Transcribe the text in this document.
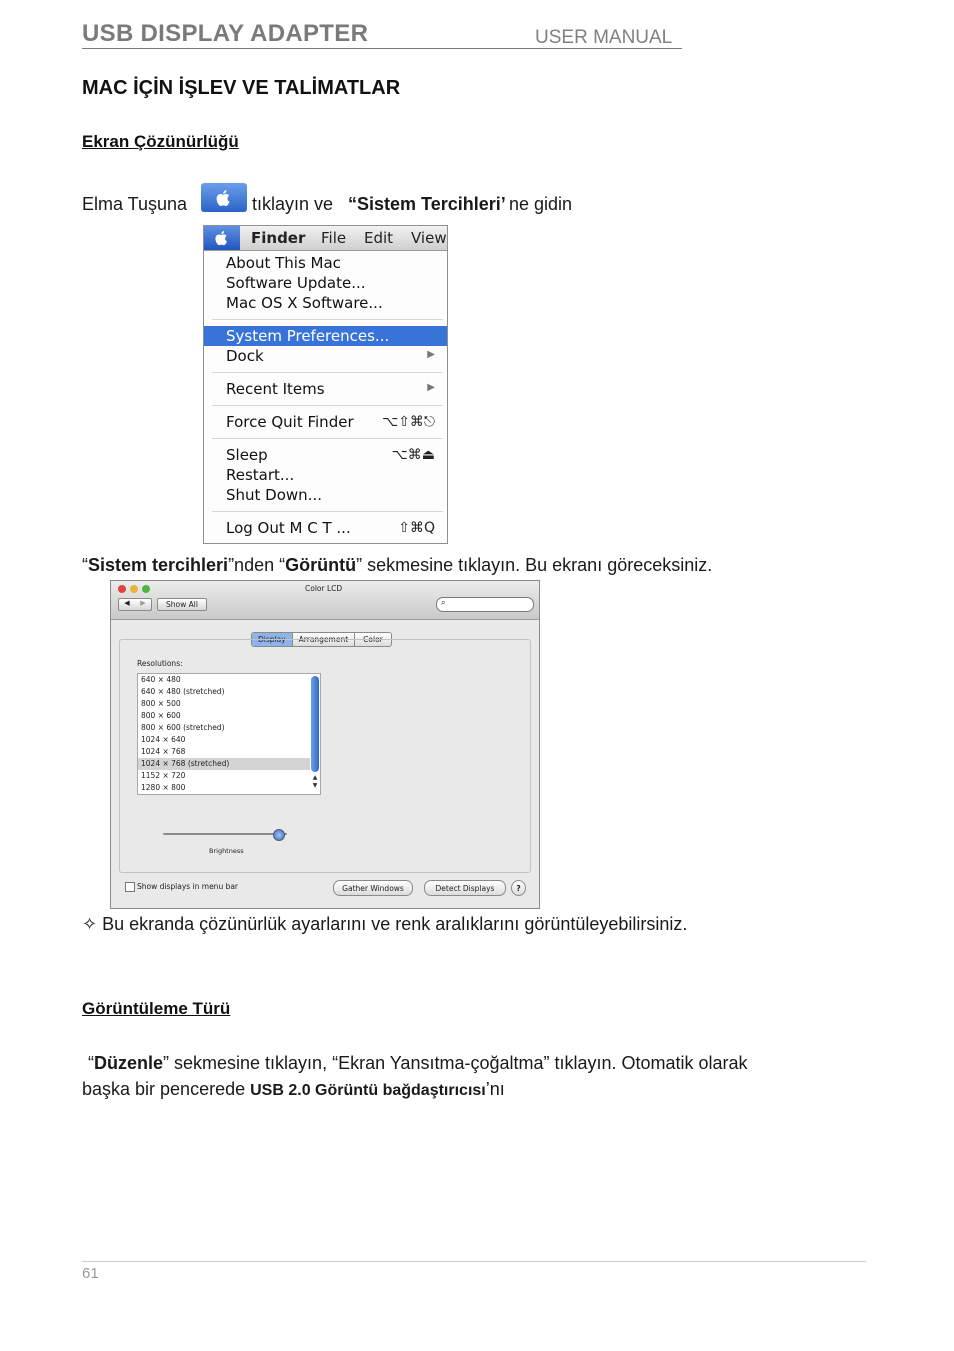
USB DISPLAY ADAPTER	USER MANUAL
MAC İÇİN İŞLEV VE TALİMATLAR
Ekran Çözünürlüğü
Elma Tuşuna	tıklayın ve “Sistem Tercihleri’ ne gidin
Finder File Edit View
About This Mac
Software Update...
Mac OS X Software...
System Preferences...
Dock	▶
Recent Items	▶
Force Quit Finder ⌥⇧⌘⎋
Sleep	⌥⌘⏏
Restart...
Shut Down...
Log Out M C T ...	⇧⌘Q
“Sistem tercihleri”nden “Görüntü” sekmesine tıklayın. Bu ekranı göreceksiniz.
Color LCD
◀	▶	Show All	⌕
Display	Arrangement	Color
Resolutions:
640 × 480
640 × 480 (stretched)
800 × 500
800 × 600
800 × 600 (stretched)
1024 × 640
1024 × 768
1024 × 768 (stretched)
1152 × 720
1280 × 800
▲
▼
Brightness
Show displays in menu bar	Gather Windows	Detect Displays	?
✧ Bu ekranda çözünürlük ayarlarını ve renk aralıklarını görüntüleyebilirsiniz.
Görüntüleme Türü
“Düzenle” sekmesine tıklayın, “Ekran Yansıtma-çoğaltma” tıklayın. Otomatik olarak
başka bir pencerede USB 2.0 Görüntü bağdaştırıcısı’nı
61
